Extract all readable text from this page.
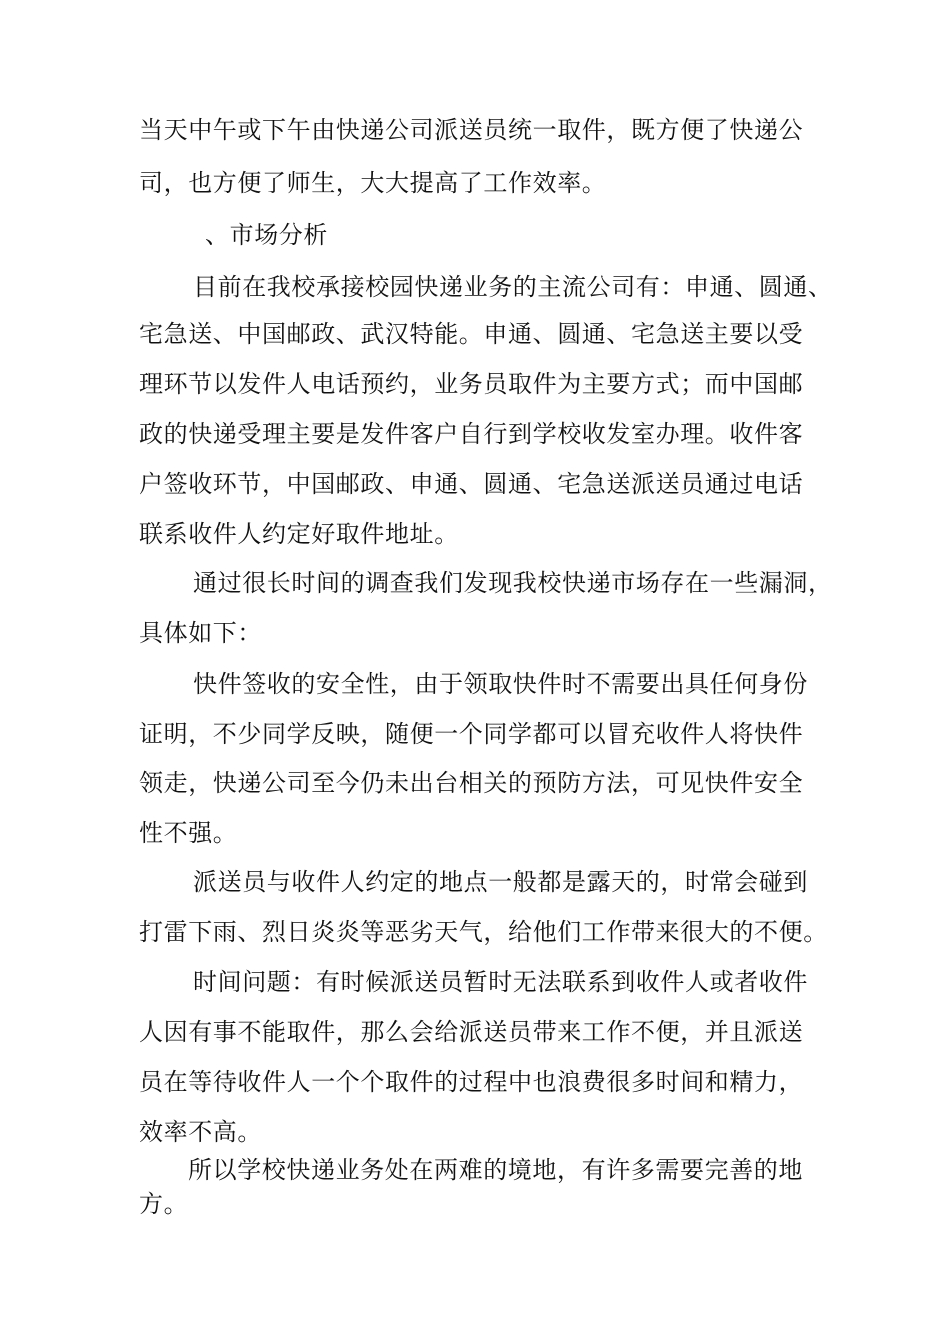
当天中午或下午由快递公司派送员统一取件，既方便了快递公

司，也方便了师生，大大提高了工作效率。

、市场分析

目前在我校承接校园快递业务的主流公司有：申通、圆通、

宅急送、中国邮政、武汉特能。申通、圆通、宅急送主要以受

理环节以发件人电话预约，业务员取件为主要方式；而中国邮

政的快递受理主要是发件客户自行到学校收发室办理。收件客

户签收环节，中国邮政、申通、圆通、宅急送派送员通过电话

联系收件人约定好取件地址。

通过很长时间的调查我们发现我校快递市场存在一些漏洞，

具体如下：

快件签收的安全性，由于领取快件时不需要出具任何身份

证明，不少同学反映，随便一个同学都可以冒充收件人将快件

领走，快递公司至今仍未出台相关的预防方法，可见快件安全

性不强。

派送员与收件人约定的地点一般都是露天的，时常会碰到

打雷下雨、烈日炎炎等恶劣天气，给他们工作带来很大的不便。

时间问题：有时候派送员暂时无法联系到收件人或者收件

人因有事不能取件，那么会给派送员带来工作不便，并且派送

员在等待收件人一个个取件的过程中也浪费很多时间和精力，

效率不高。

所以学校快递业务处在两难的境地，有许多需要完善的地

方。
